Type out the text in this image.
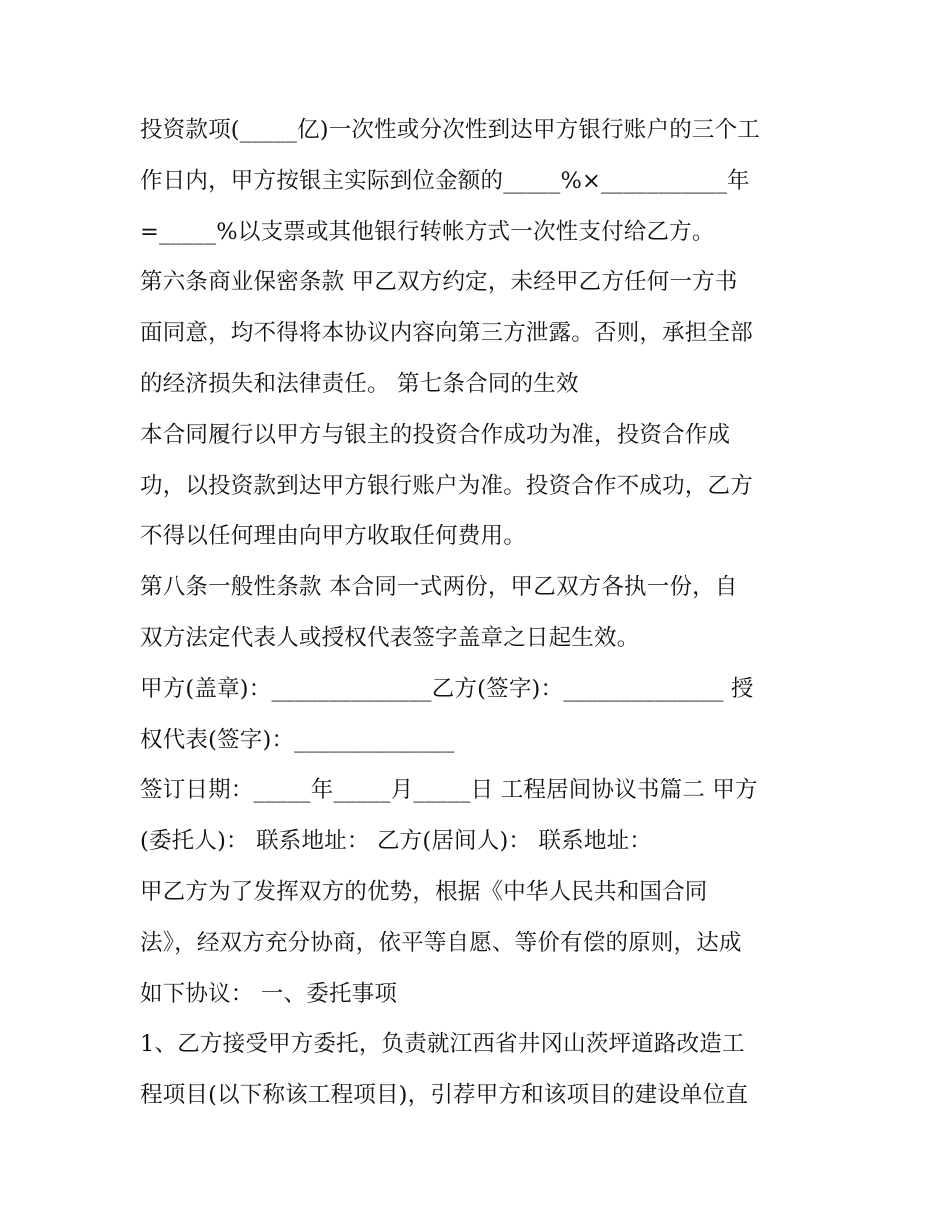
投资款项(_____亿)一次性或分次性到达甲方银行账户的三个工
作日内，甲方按银主实际到位金额的_____%×___________年
=_____%以支票或其他银行转帐方式一次性支付给乙方。
第六条商业保密条款 甲乙双方约定，未经甲乙方任何一方书
面同意，均不得将本协议内容向第三方泄露。否则，承担全部
的经济损失和法律责任。 第七条合同的生效
本合同履行以甲方与银主的投资合作成功为准，投资合作成
功，以投资款到达甲方银行账户为准。投资合作不成功，乙方
不得以任何理由向甲方收取任何费用。
第八条一般性条款 本合同一式两份，甲乙双方各执一份，自
双方法定代表人或授权代表签字盖章之日起生效。
甲方(盖章)：______________乙方(签字)：______________ 授
权代表(签字)：______________
签订日期：_____年_____月_____日 工程居间协议书篇二 甲方
(委托人)： 联系地址： 乙方(居间人)： 联系地址：
甲乙方为了发挥双方的优势，根据《中华人民共和国合同
法》，经双方充分协商，依平等自愿、等价有偿的原则，达成
如下协议： 一、委托事项
1、乙方接受甲方委托，负责就江西省井冈山茨坪道路改造工
程项目(以下称该工程项目)，引荐甲方和该项目的建设单位直
